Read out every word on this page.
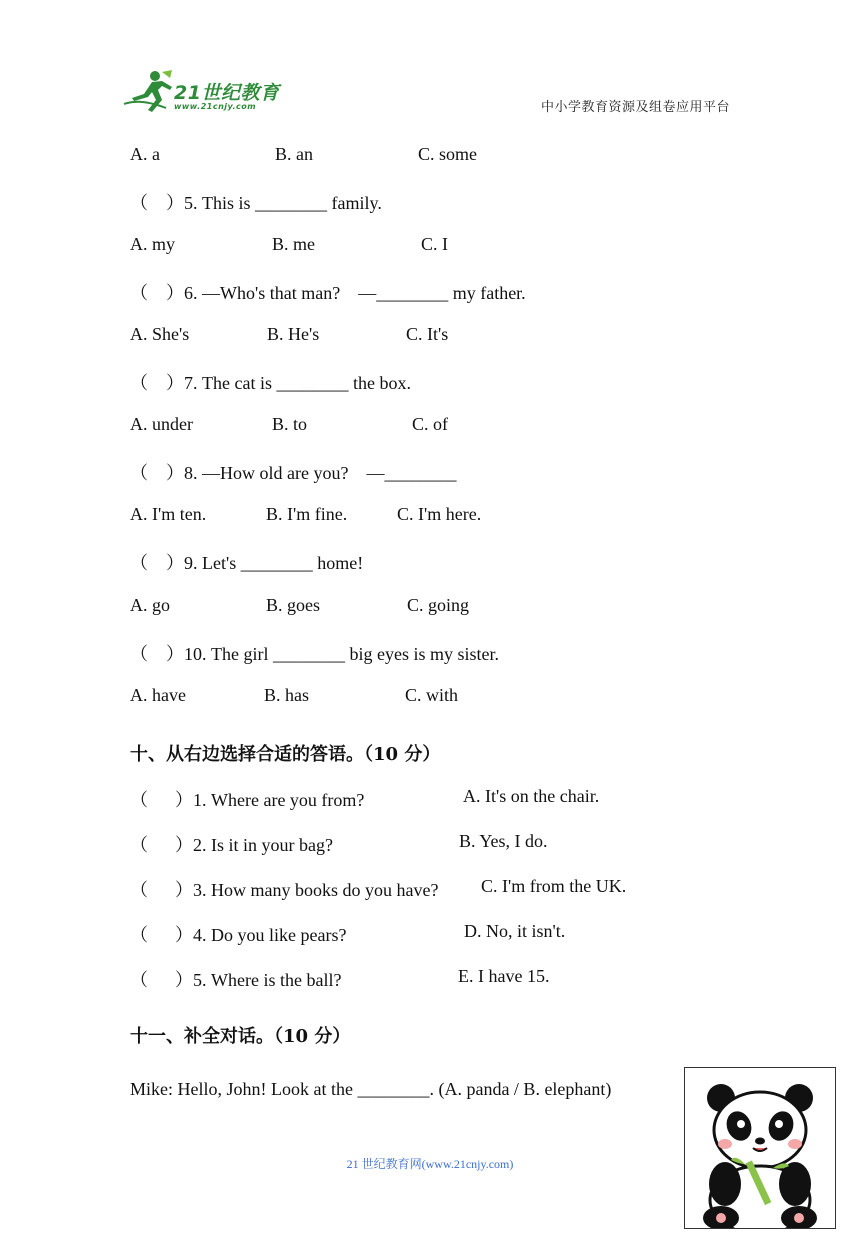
21世纪教育
www.21cnjy.com	中小学教育资源及组卷应用平台
A. a	B. an	C. some
（    ）5. This is ________ family.
A. my	B. me	C. I
（    ）6. —Who's that man?    —________ my father.
A. She's	B. He's	C. It's
（    ）7. The cat is ________ the box.
A. under	B. to	C. of
（    ）8. —How old are you?    —________
A. I'm ten.	B. I'm fine.	C. I'm here.
（    ）9. Let's ________ home!
A. go	B. goes	C. going
（    ）10. The girl ________ big eyes is my sister.
A. have	B. has	C. with
十、从右边选择合适的答语。（10 分）
（      ）1. Where are you from?	A. It's on the chair.
（      ）2. Is it in your bag?	B. Yes, I do.
（      ）3. How many books do you have? C. I'm from the UK.
（      ）4. Do you like pears?	D. No, it isn't.
（      ）5. Where is the ball?	E. I have 15.
十一、补全对话。（10 分）
Mike: Hello, John! Look at the ________. (A. panda / B. elephant)
21 世纪教育网(www.21cnjy.com)
